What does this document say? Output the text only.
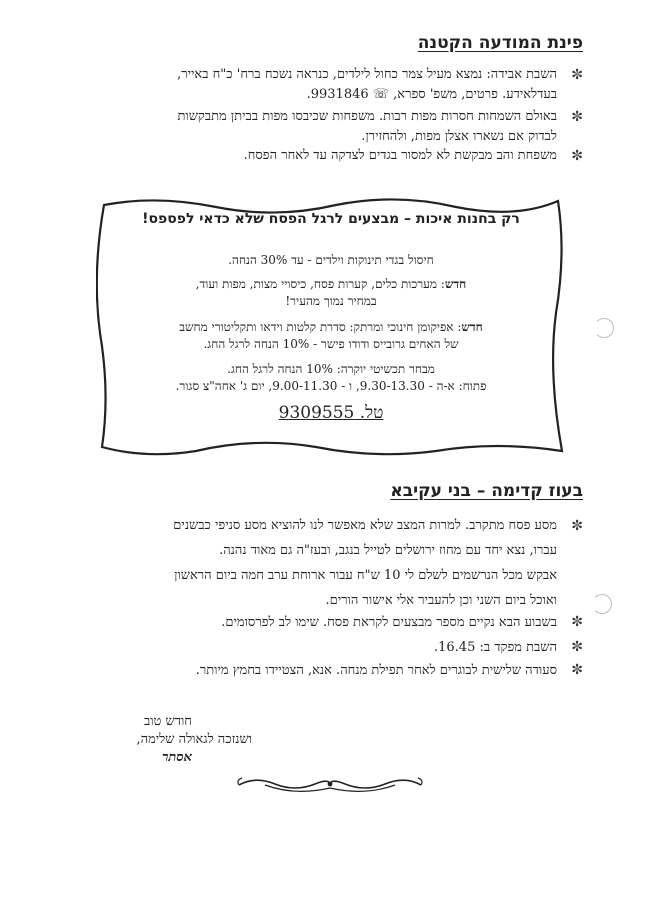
פינת המודעה הקטנה
✼
השבת אבידה: נמצא מעיל צמר כחול לילדים, כנראה נשכח ברח' כ"ח באייר,
בעדלאידע. פרטים, משפ' ספרא, ☏ 9931846.
✼
באולם השמחות חסרות מפות רבות. משפחות שכיבסו מפות בביתן מתבקשות
לבדוק אם נשארו אצלן מפות, ולהחזירן.
✼
משפחת והב מבקשת לא למסור בגדים לצדקה עד לאחר הפסח.
רק בחנות איכות – מבצעים לרגל הפסח שלא כדאי לפספס!
חיסול בגדי תינוקות וילדים - עד 30% הנחה.
חדש: מערכות כלים, קערות פסח, כיסויי מצות, מפות ועוד,
במחיר נמוך מהעיר!
חדש: אפיקומן חינוכי ומרתק: סדרת קלטות וידאו ותקליטורי מחשב
של האחים גרובייס ודודו פישר - 10% הנחה לרגל החג.
מבחר תכשיטי יוקרה: 10% הנחה לרגל החג.
פתוח: א-ה - 9.30-13.30, ו - 9.00-11.30, יום ג' אחה"צ סגור.
טל. 9309555
בעוז קדימה – בני עקיבא
✼
מסע פסח מתקרב. למרות המצב שלא מאפשר לנו להוציא מסע סניפי כבשנים
עברו, נצא יחד עם מחוז ירושלים לטייל בנגב, ובעז"ה גם מאוד נהנה.
אבקש מכל הנרשמים לשלם לי 10 ש"ח עבור ארוחת ערב חמה ביום הראשון
ואוכל ביום השני וכן להעביר אלי אישור הורים.
✼
בשבוע הבא נקיים מספר מבצעים לקראת פסח. שימו לב לפרסומים.
✼
השבת מפקד ב: 16.45.
✼
סעודה שלישית לבוגרים לאחר תפילת מנחה. אנא, הצטיידו בחמץ מיותר.
חודש טוב
ושנזכה לגאולה שלימה,
אסתר
